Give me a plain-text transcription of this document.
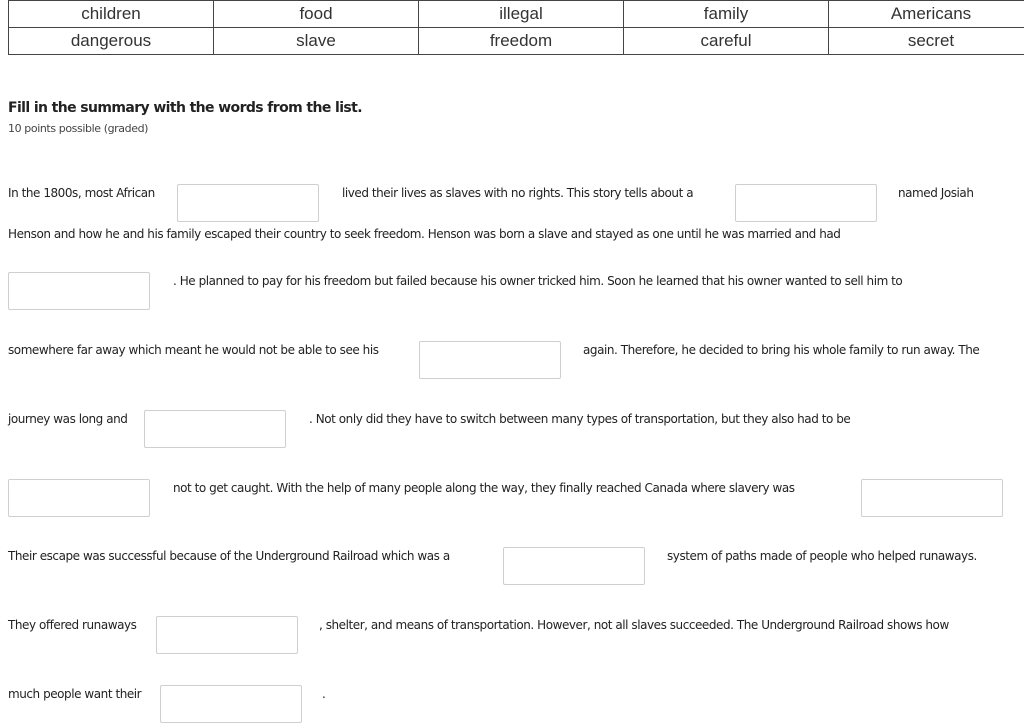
children	food	illegal	family	Americans
dangerous	slave	freedom	careful	secret
Fill in the summary with the words from the list.
10 points possible (graded)
In the 1800s, most African	lived their lives as slaves with no rights. This story tells about a	named Josiah
Henson and how he and his family escaped their country to seek freedom. Henson was born a slave and stayed as one until he was married and had
. He planned to pay for his freedom but failed because his owner tricked him. Soon he learned that his owner wanted to sell him to
somewhere far away which meant he would not be able to see his	again. Therefore, he decided to bring his whole family to run away. The
journey was long and	. Not only did they have to switch between many types of transportation, but they also had to be
not to get caught. With the help of many people along the way, they finally reached Canada where slavery was
Their escape was successful because of the Underground Railroad which was a	system of paths made of people who helped runaways.
They offered runaways	, shelter, and means of transportation. However, not all slaves succeeded. The Underground Railroad shows how
much people want their	.
